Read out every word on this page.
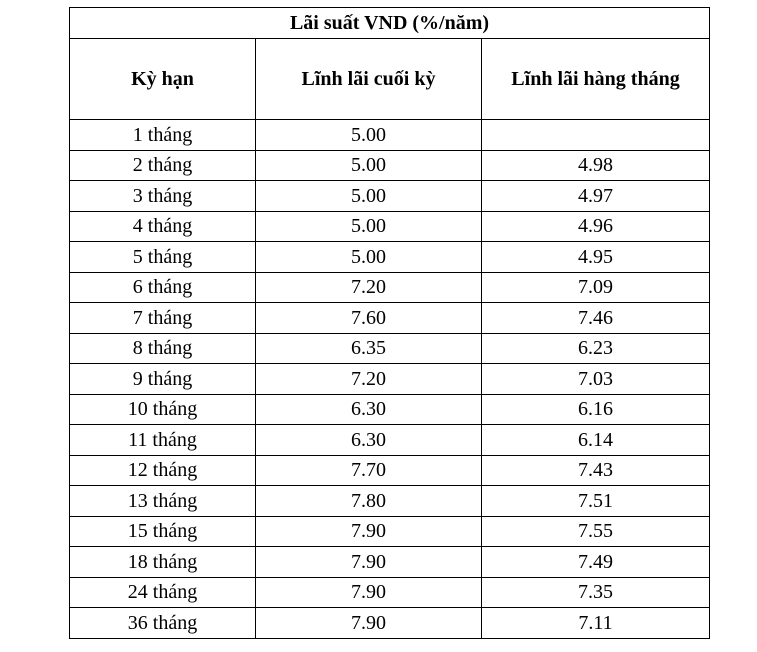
Lãi suất VND (%/năm)		
Kỳ hạn	Lĩnh lãi cuối kỳ	Lĩnh lãi hàng tháng
1 tháng	5.00	
2 tháng	5.00	4.98
3 tháng	5.00	4.97
4 tháng	5.00	4.96
5 tháng	5.00	4.95
6 tháng	7.20	7.09
7 tháng	7.60	7.46
8 tháng	6.35	6.23
9 tháng	7.20	7.03
10 tháng	6.30	6.16
11 tháng	6.30	6.14
12 tháng	7.70	7.43
13 tháng	7.80	7.51
15 tháng	7.90	7.55
18 tháng	7.90	7.49
24 tháng	7.90	7.35
36 tháng	7.90	7.11
